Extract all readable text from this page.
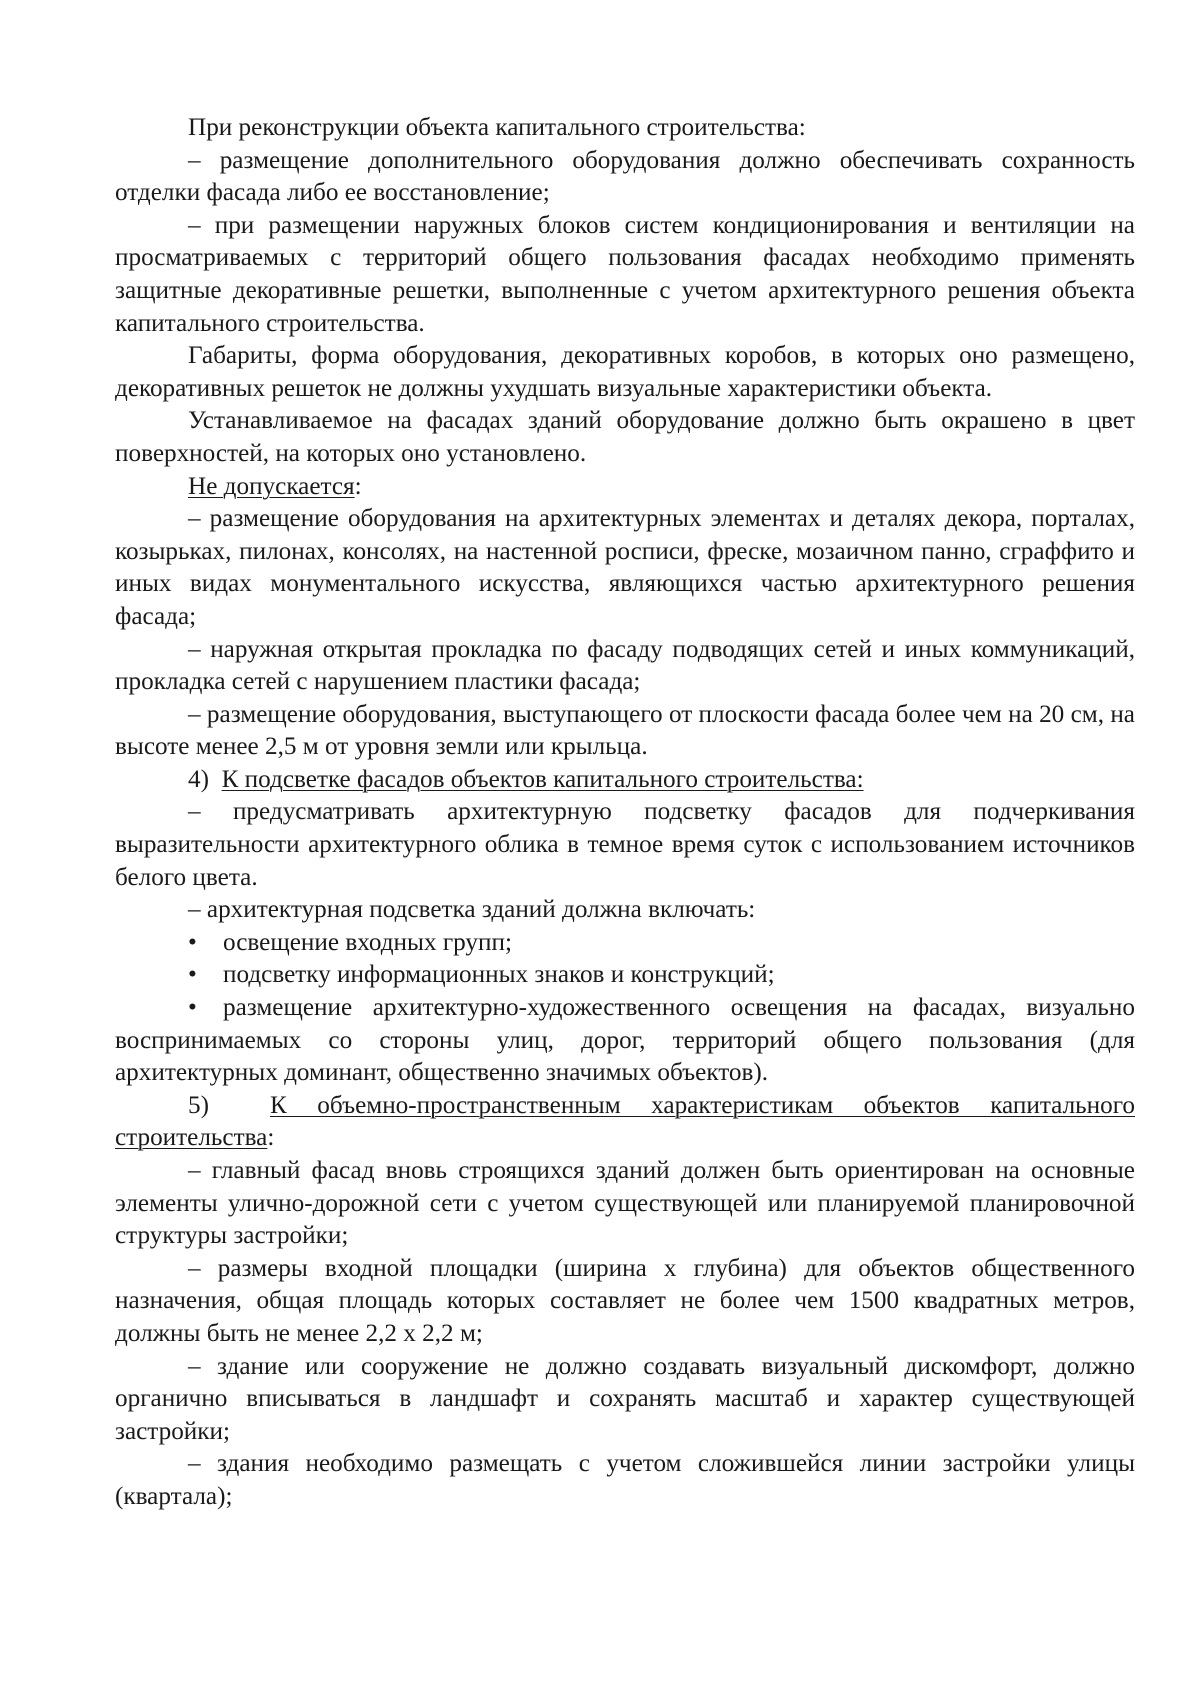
При реконструкции объекта капитального строительства:

– размещение дополнительного оборудования должно обеспечивать сохранность отделки фасада либо ее восстановление;

– при размещении наружных блоков систем кондиционирования и вентиляции на просматриваемых с территорий общего пользования фасадах необходимо применять защитные декоративные решетки, выполненные с учетом архитектурного решения объекта капитального строительства.

Габариты, форма оборудования, декоративных коробов, в которых оно размещено, декоративных решеток не должны ухудшать визуальные характеристики объекта.

Устанавливаемое на фасадах зданий оборудование должно быть окрашено в цвет поверхностей, на которых оно установлено.

Не допускается:

– размещение оборудования на архитектурных элементах и деталях декора, порталах, козырьках, пилонах, консолях, на настенной росписи, фреске, мозаичном панно, сграффито и иных видах монументального искусства, являющихся частью архитектурного решения фасада;

– наружная открытая прокладка по фасаду подводящих сетей и иных коммуникаций, прокладка сетей с нарушением пластики фасада;

– размещение оборудования, выступающего от плоскости фасада более чем на 20 см, на высоте менее 2,5 м от уровня земли или крыльца.

4) К подсветке фасадов объектов капитального строительства:

– предусматривать архитектурную подсветку фасадов для подчеркивания выразительности архитектурного облика в темное время суток с использованием источников белого цвета.

– архитектурная подсветка зданий должна включать:

• освещение входных групп;

• подсветку информационных знаков и конструкций;

• размещение архитектурно-художественного освещения на фасадах, визуально воспринимаемых со стороны улиц, дорог, территорий общего пользования (для архитектурных доминант, общественно значимых объектов).

5) К объемно-пространственным характеристикам объектов капитального строительства:

– главный фасад вновь строящихся зданий должен быть ориентирован на основные элементы улично-дорожной сети с учетом существующей или планируемой планировочной структуры застройки;

– размеры входной площадки (ширина х глубина) для объектов общественного назначения, общая площадь которых составляет не более чем 1500 квадратных метров, должны быть не менее 2,2 х 2,2 м;

– здание или сооружение не должно создавать визуальный дискомфорт, должно органично вписываться в ландшафт и сохранять масштаб и характер существующей застройки;

– здания необходимо размещать с учетом сложившейся линии застройки улицы (квартала);
